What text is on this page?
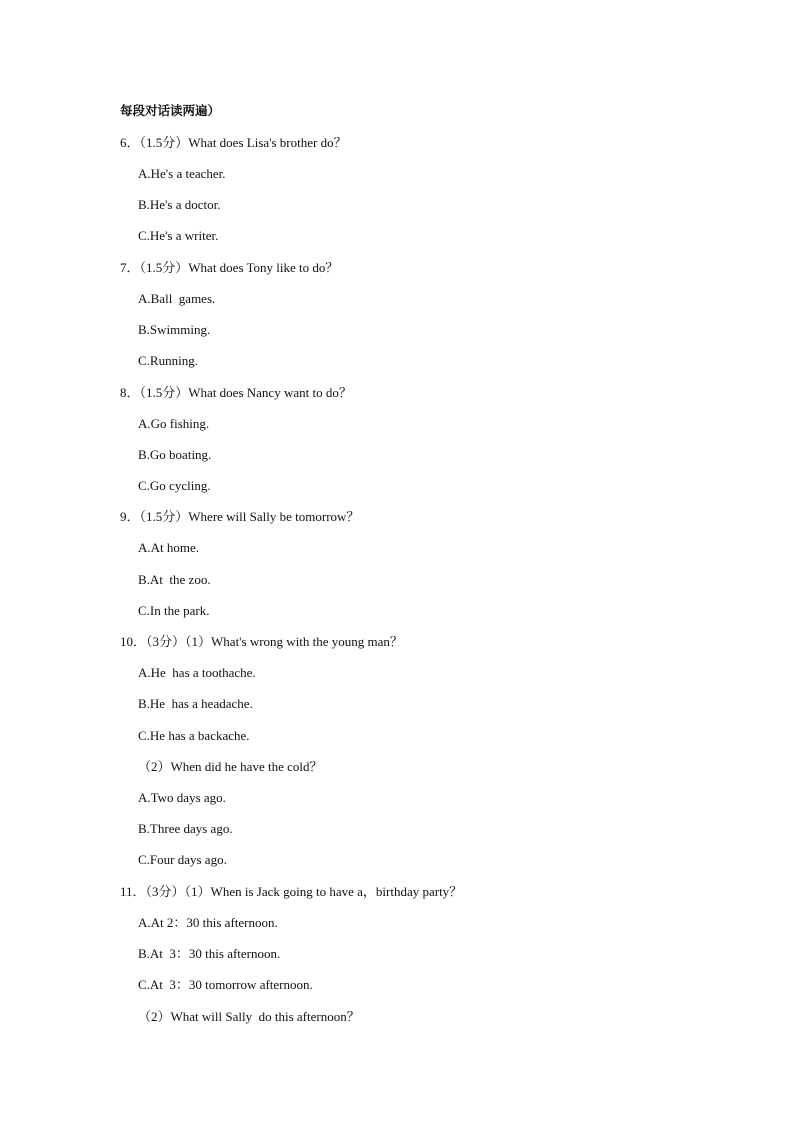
每段对话读两遍）
6．（1.5分）What does Lisa's brother do？
A.He's a teacher.
B.He's a doctor.
C.He's a writer.
7．（1.5分）What does Tony like to do？
A.Ball  games.
B.Swimming.
C.Running.
8．（1.5分）What does Nancy want to do？
A.Go fishing.
B.Go boating.
C.Go cycling.
9．（1.5分）Where will Sally be tomorrow？
A.At home.
B.At  the zoo.
C.In the park.
10．（3分）（1）What's wrong with the young man？
A.He  has a toothache.
B.He  has a headache.
C.He has a backache.
（2）When did he have the cold？
A.Two days ago.
B.Three days ago.
C.Four days ago.
11．（3分）（1）When is Jack going to have a，birthday party？
A.At 2：30 this afternoon.
B.At  3：30 this afternoon.
C.At  3：30 tomorrow afternoon.
（2）What will Sally  do this afternoon？
